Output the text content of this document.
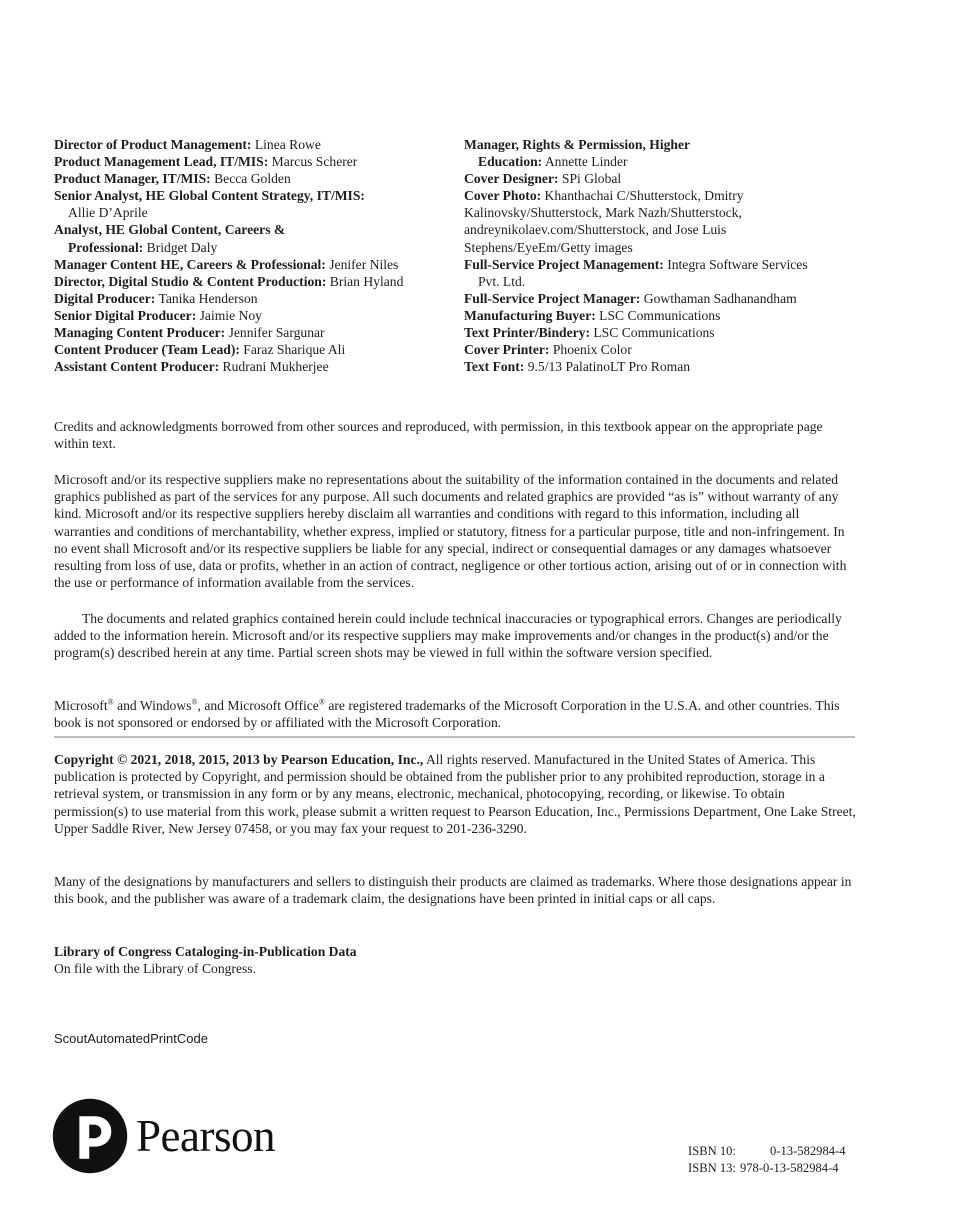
Director of Product Management: Linea Rowe
Product Management Lead, IT/MIS: Marcus Scherer
Product Manager, IT/MIS: Becca Golden
Senior Analyst, HE Global Content Strategy, IT/MIS: Allie D’Aprile
Analyst, HE Global Content, Careers & Professional: Bridget Daly
Manager Content HE, Careers & Professional: Jenifer Niles
Director, Digital Studio & Content Production: Brian Hyland
Digital Producer: Tanika Henderson
Senior Digital Producer: Jaimie Noy
Managing Content Producer: Jennifer Sargunar
Content Producer (Team Lead): Faraz Sharique Ali
Assistant Content Producer: Rudrani Mukherjee
Manager, Rights & Permission, Higher Education: Annette Linder
Cover Designer: SPi Global
Cover Photo: Khanthachai C/Shutterstock, Dmitry Kalinovsky/Shutterstock, Mark Nazh/Shutterstock, andreynikolaev.com/Shutterstock, and Jose Luis Stephens/EyeEm/Getty images
Full-Service Project Management: Integra Software Services Pvt. Ltd.
Full-Service Project Manager: Gowthaman Sadhanandham
Manufacturing Buyer: LSC Communications
Text Printer/Bindery: LSC Communications
Cover Printer: Phoenix Color
Text Font: 9.5/13 PalatinoLT Pro Roman

Credits and acknowledgments borrowed from other sources and reproduced, with permission, in this textbook appear on the appropriate page within text.

Microsoft and/or its respective suppliers make no representations about the suitability of the information contained in the documents and related graphics published as part of the services for any purpose. All such documents and related graphics are provided “as is” without warranty of any kind. Microsoft and/or its respective suppliers hereby disclaim all warranties and conditions with regard to this information, including all warranties and conditions of merchantability, whether express, implied or statutory, fitness for a particular purpose, title and non-infringement. In no event shall Microsoft and/or its respective suppliers be liable for any special, indirect or consequential damages or any damages whatsoever resulting from loss of use, data or profits, whether in an action of contract, negligence or other tortious action, arising out of or in connection with the use or performance of information available from the services.

The documents and related graphics contained herein could include technical inaccuracies or typographical errors. Changes are periodically added to the information herein. Microsoft and/or its respective suppliers may make improvements and/or changes in the product(s) and/or the program(s) described herein at any time. Partial screen shots may be viewed in full within the software version specified.

Microsoft® and Windows®, and Microsoft Office® are registered trademarks of the Microsoft Corporation in the U.S.A. and other countries. This book is not sponsored or endorsed by or affiliated with the Microsoft Corporation.

Copyright © 2021, 2018, 2015, 2013 by Pearson Education, Inc., All rights reserved. Manufactured in the United States of America. This publication is protected by Copyright, and permission should be obtained from the publisher prior to any prohibited reproduction, storage in a retrieval system, or transmission in any form or by any means, electronic, mechanical, photocopying, recording, or likewise. To obtain permission(s) to use material from this work, please submit a written request to Pearson Education, Inc., Permissions Department, One Lake Street, Upper Saddle River, New Jersey 07458, or you may fax your request to 201-236-3290.

Many of the designations by manufacturers and sellers to distinguish their products are claimed as trademarks. Where those designations appear in this book, and the publisher was aware of a trademark claim, the designations have been printed in initial caps or all caps.

Library of Congress Cataloging-in-Publication Data
On file with the Library of Congress.

ScoutAutomatedPrintCode
Pearson	ISBN 10:	0-13-582984-4
ISBN 13: 978-0-13-582984-4
